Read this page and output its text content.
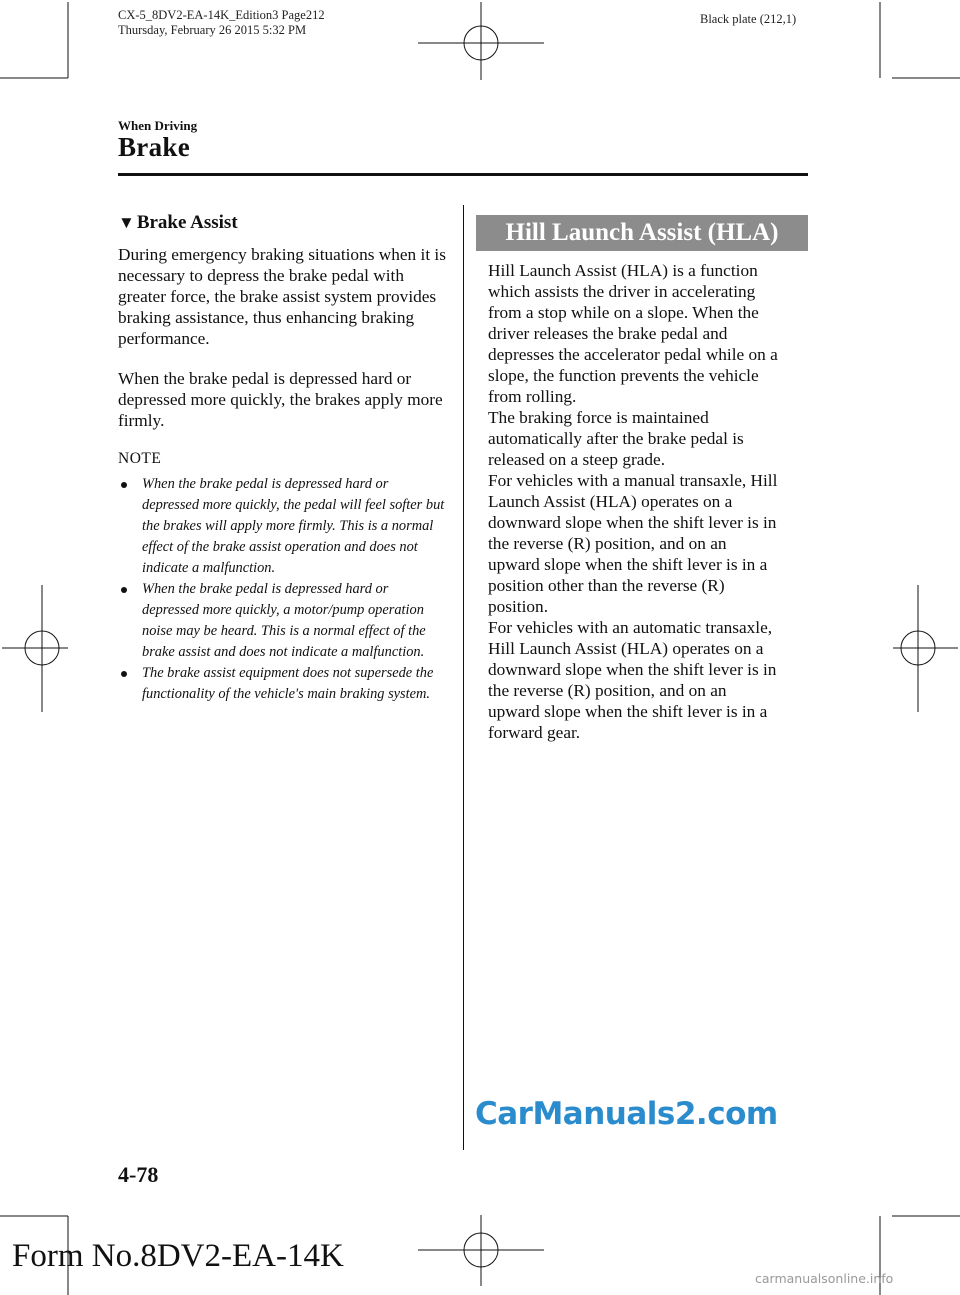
CX-5_8DV2-EA-14K_Edition3 Page212
Thursday, February 26 2015 5:32 PM
Black plate (212,1)
When Driving
Brake
▼ Brake Assist

During emergency braking situations when it is necessary to depress the brake pedal with greater force, the brake assist system provides braking assistance, thus enhancing braking performance.

When the brake pedal is depressed hard or depressed more quickly, the brakes apply more firmly.

NOTE
When the brake pedal is depressed hard or depressed more quickly, the pedal will feel softer but the brakes will apply more firmly. This is a normal effect of the brake assist operation and does not indicate a malfunction.
When the brake pedal is depressed hard or depressed more quickly, a motor/pump operation noise may be heard. This is a normal effect of the brake assist and does not indicate a malfunction.
The brake assist equipment does not supersede the functionality of the vehicle's main braking system.
Hill Launch Assist (HLA)
Hill Launch Assist (HLA) is a function
which assists the driver in accelerating
from a stop while on a slope. When the
driver releases the brake pedal and
depresses the accelerator pedal while on a
slope, the function prevents the vehicle
from rolling.
The braking force is maintained
automatically after the brake pedal is
released on a steep grade.
For vehicles with a manual transaxle, Hill
Launch Assist (HLA) operates on a
downward slope when the shift lever is in
the reverse (R) position, and on an
upward slope when the shift lever is in a
position other than the reverse (R)
position.
For vehicles with an automatic transaxle,
Hill Launch Assist (HLA) operates on a
downward slope when the shift lever is in
the reverse (R) position, and on an
upward slope when the shift lever is in a
forward gear.
CarManuals2.com
4-78
Form No.8DV2-EA-14K
carmanualsonline.info
